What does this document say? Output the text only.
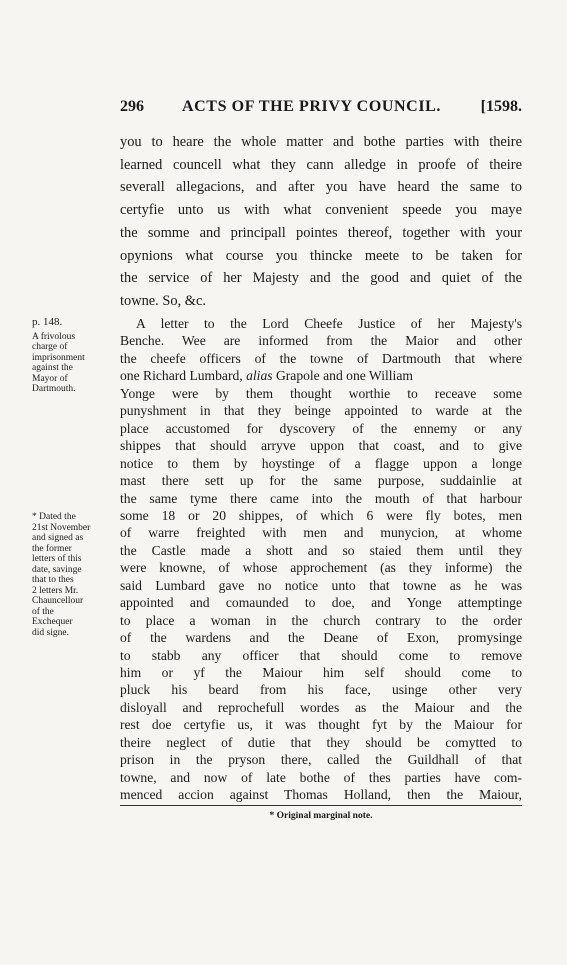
296 ACTS OF THE PRIVY COUNCIL. [1598.
you to heare the whole matter and bothe parties with theire
learned councell what they cann alledge in proofe of theire
severall allegacions, and after you have heard the same to
certyfie unto us with what convenient speede you maye
the somme and principall pointes thereof, together with your
opynions what course you thincke meete to be taken for
the service of her Majesty and the good and quiet of the
towne. So, &c.
p. 148.
A frivolous
charge of
imprisonment
against the
Mayor of
Dartmouth.
A letter to the Lord Cheefe Justice of her Majesty's
Benche. Wee are informed from the Maior and other
the cheefe officers of the towne of Dartmouth that where
one Richard Lumbard, alias Grapole and one William
Yonge were by them thought worthie to receave some
punyshment in that they beinge appointed to warde at the
place accustomed for dyscovery of the ennemy or any
shippes that should arryve uppon that coast, and to give
notice to them by hoystinge of a flagge uppon a longe
mast there sett up for the same purpose, suddainlie at
the same tyme there came into the mouth of that harbour
some 18 or 20 shippes, of which 6 were fly botes, men
of warre freighted with men and munycion, at whome
the Castle made a shott and so staied them until they
were knowne, of whose approchement (as they informe) the
said Lumbard gave no notice unto that towne as he was
appointed and comaunded to doe, and Yonge attemptinge
to place a woman in the church contrary to the order
of the wardens and the Deane of Exon, promysinge
to stabb any officer that should come to remove
him or yf the Maiour him self should come to
* Dated the
21st November
and signed as
the former
letters of this
date, savinge
that to thes
2 letters Mr.
Chauncellour
of the
Exchequer
did signe.
pluck his beard from his face, usinge other very
disloyall and reprochefull wordes as the Maiour and the
rest doe certyfie us, it was thought fyt by the Maiour for
theire neglect of dutie that they should be comytted to
prison in the pryson there, called the Guildhall of that
towne, and now of late bothe of thes parties have com-
menced accion against Thomas Holland, then the Maiour,
* Original marginal note.
